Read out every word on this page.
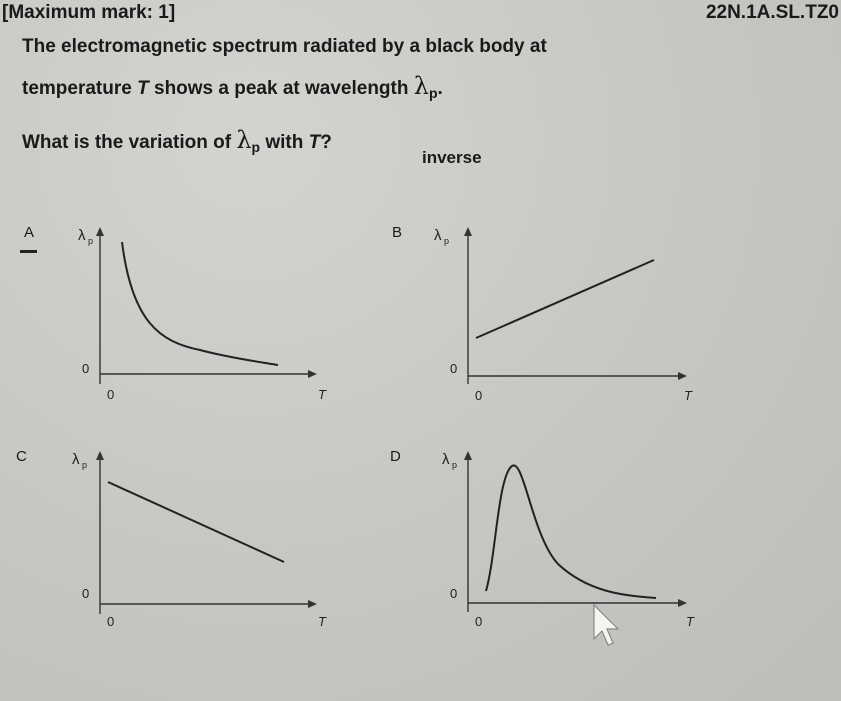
[Maximum mark: 1]	22N.1A.SL.TZ0
The electromagnetic spectrum radiated by a black body at
temperature T shows a peak at wavelength $\lambda_p$.
What is the variation of $\lambda_p$ with T?
inverse
A	B
C	D
λ p
0
0	T
λ p
0
0	T
λ p
0
0	T
λ p
0
0	T
